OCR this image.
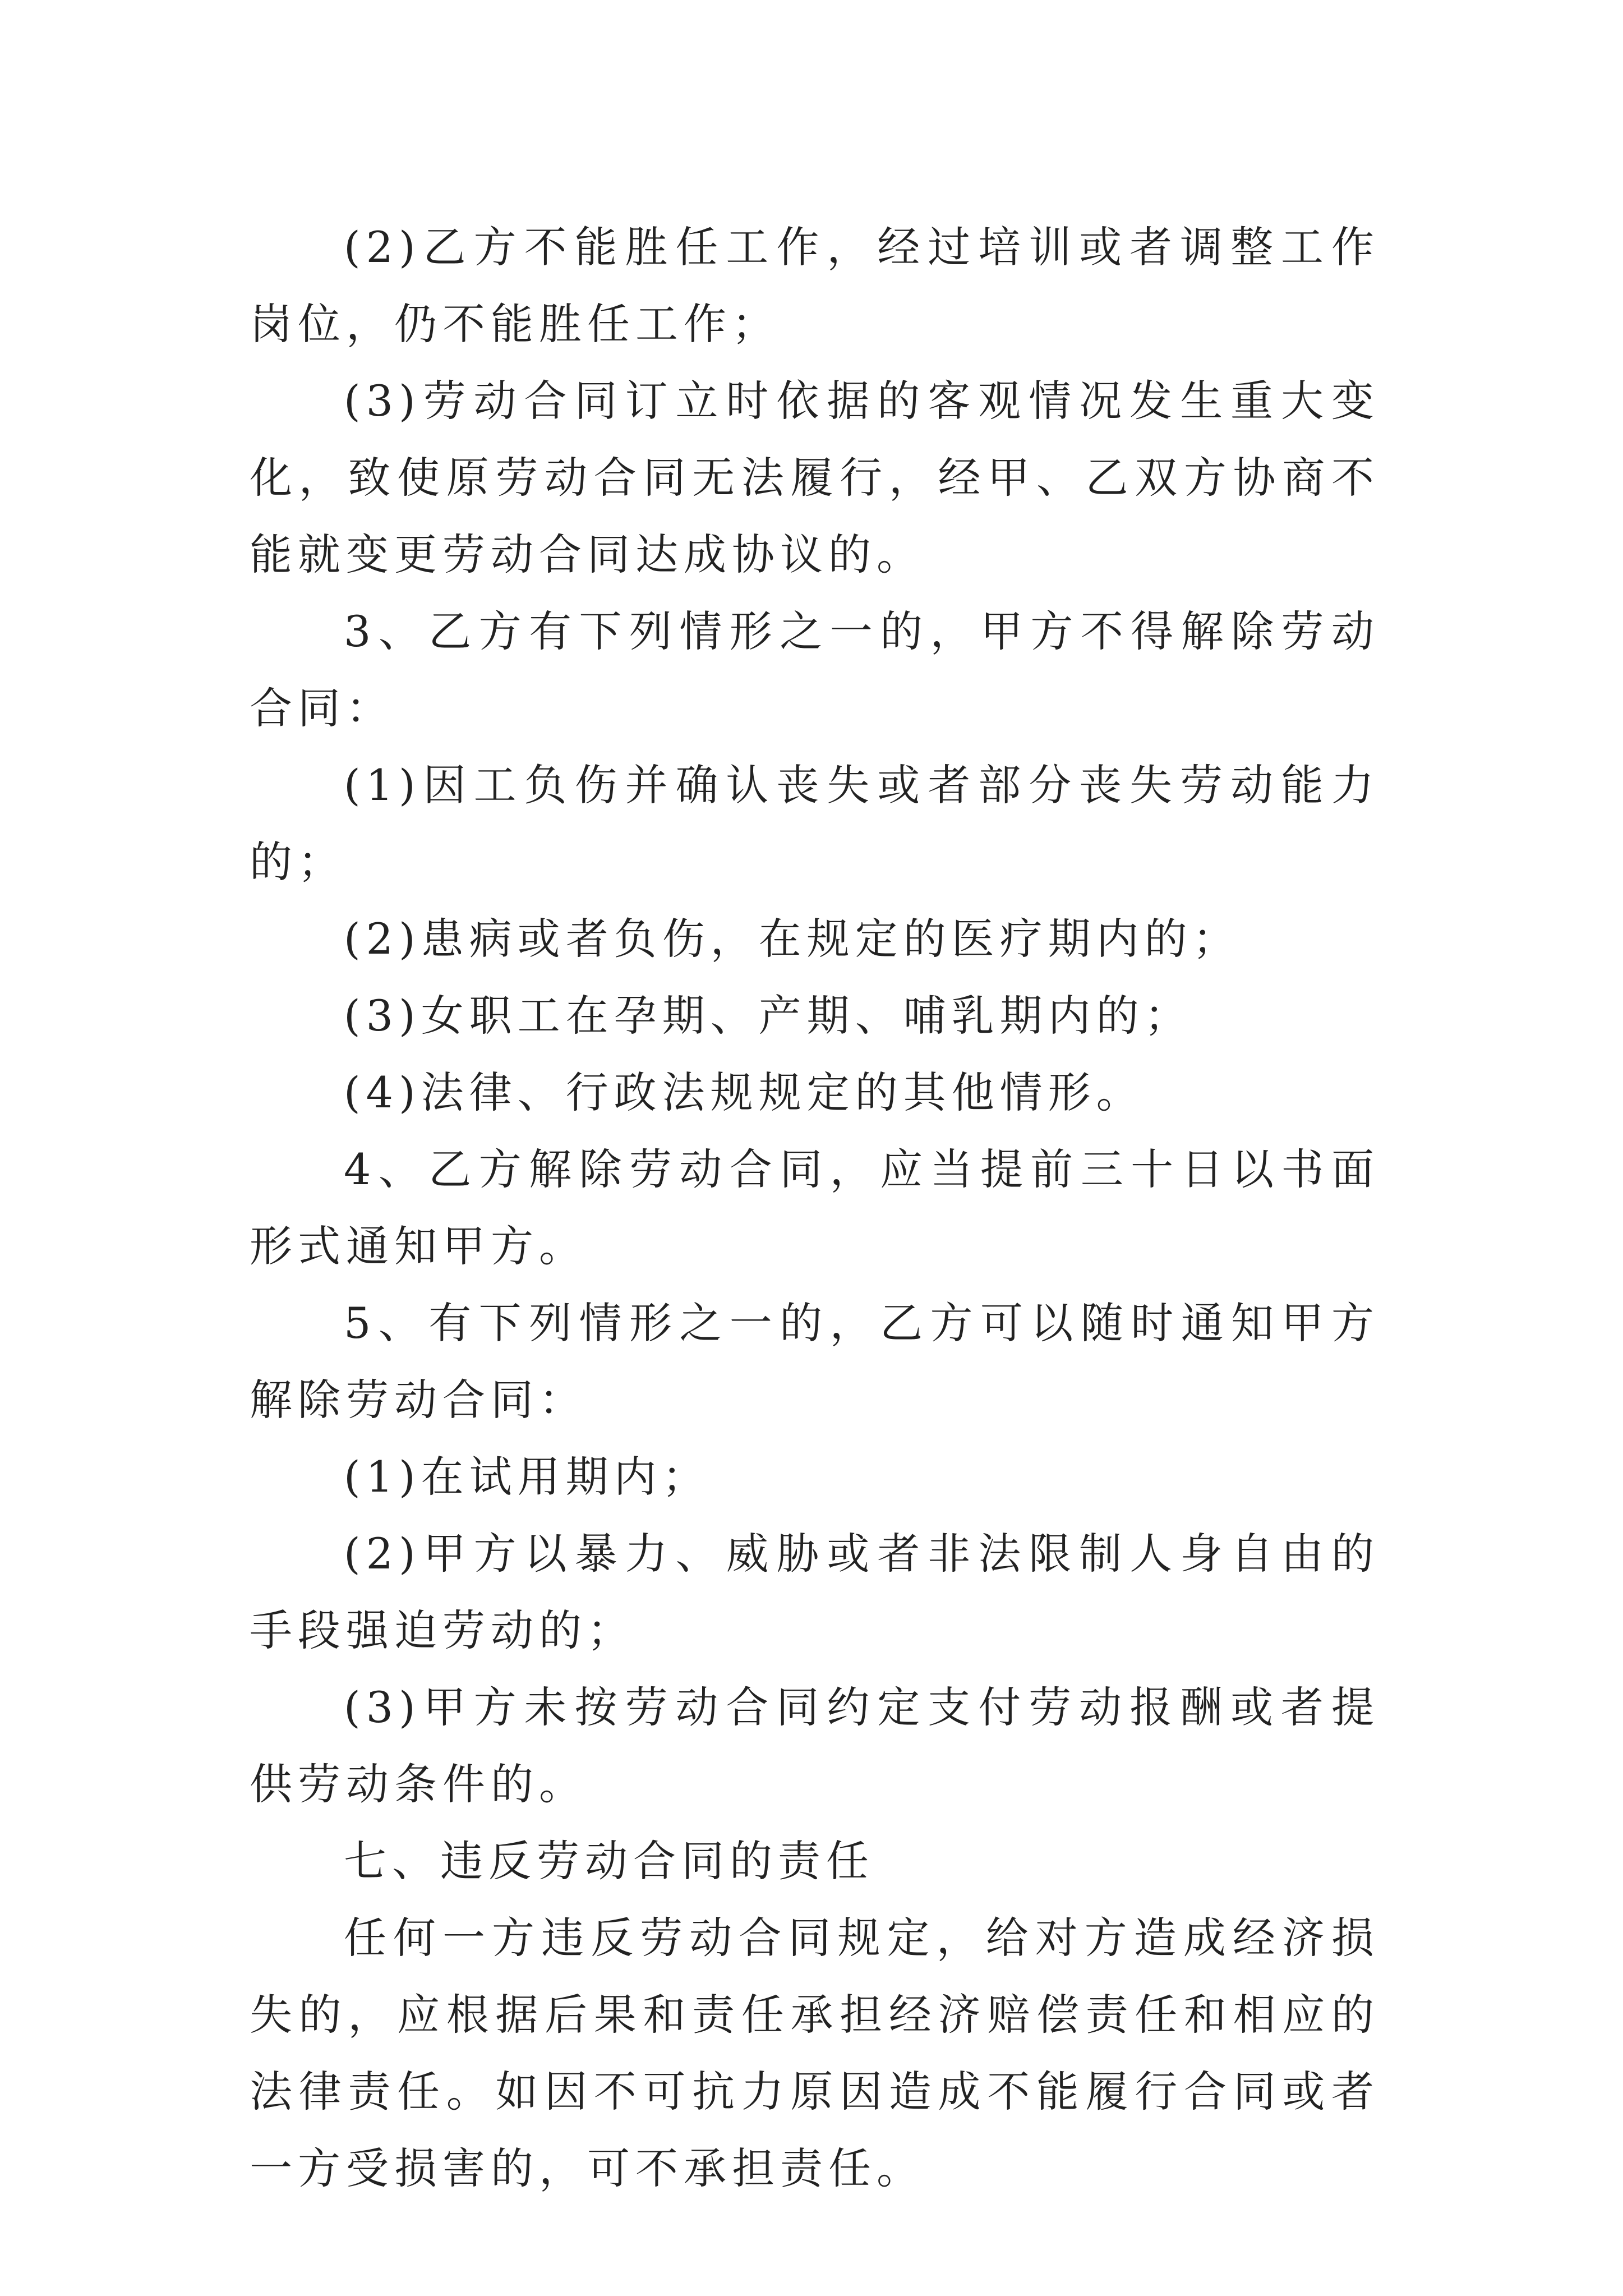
(2)乙方不能胜任工作，经过培训或者调整工作岗位，仍不能胜任工作；

(3)劳动合同订立时依据的客观情况发生重大变化，致使原劳动合同无法履行，经甲、乙双方协商不能就变更劳动合同达成协议的。

3、乙方有下列情形之一的，甲方不得解除劳动合同：

(1)因工负伤并确认丧失或者部分丧失劳动能力的；

(2)患病或者负伤，在规定的医疗期内的；

(3)女职工在孕期、产期、哺乳期内的；

(4)法律、行政法规规定的其他情形。

4、乙方解除劳动合同，应当提前三十日以书面形式通知甲方。

5、有下列情形之一的，乙方可以随时通知甲方解除劳动合同：

(1)在试用期内；

(2)甲方以暴力、威胁或者非法限制人身自由的手段强迫劳动的；

(3)甲方未按劳动合同约定支付劳动报酬或者提供劳动条件的。

七、违反劳动合同的责任

任何一方违反劳动合同规定，给对方造成经济损失的，应根据后果和责任承担经济赔偿责任和相应的法律责任。如因不可抗力原因造成不能履行合同或者一方受损害的，可不承担责任。
